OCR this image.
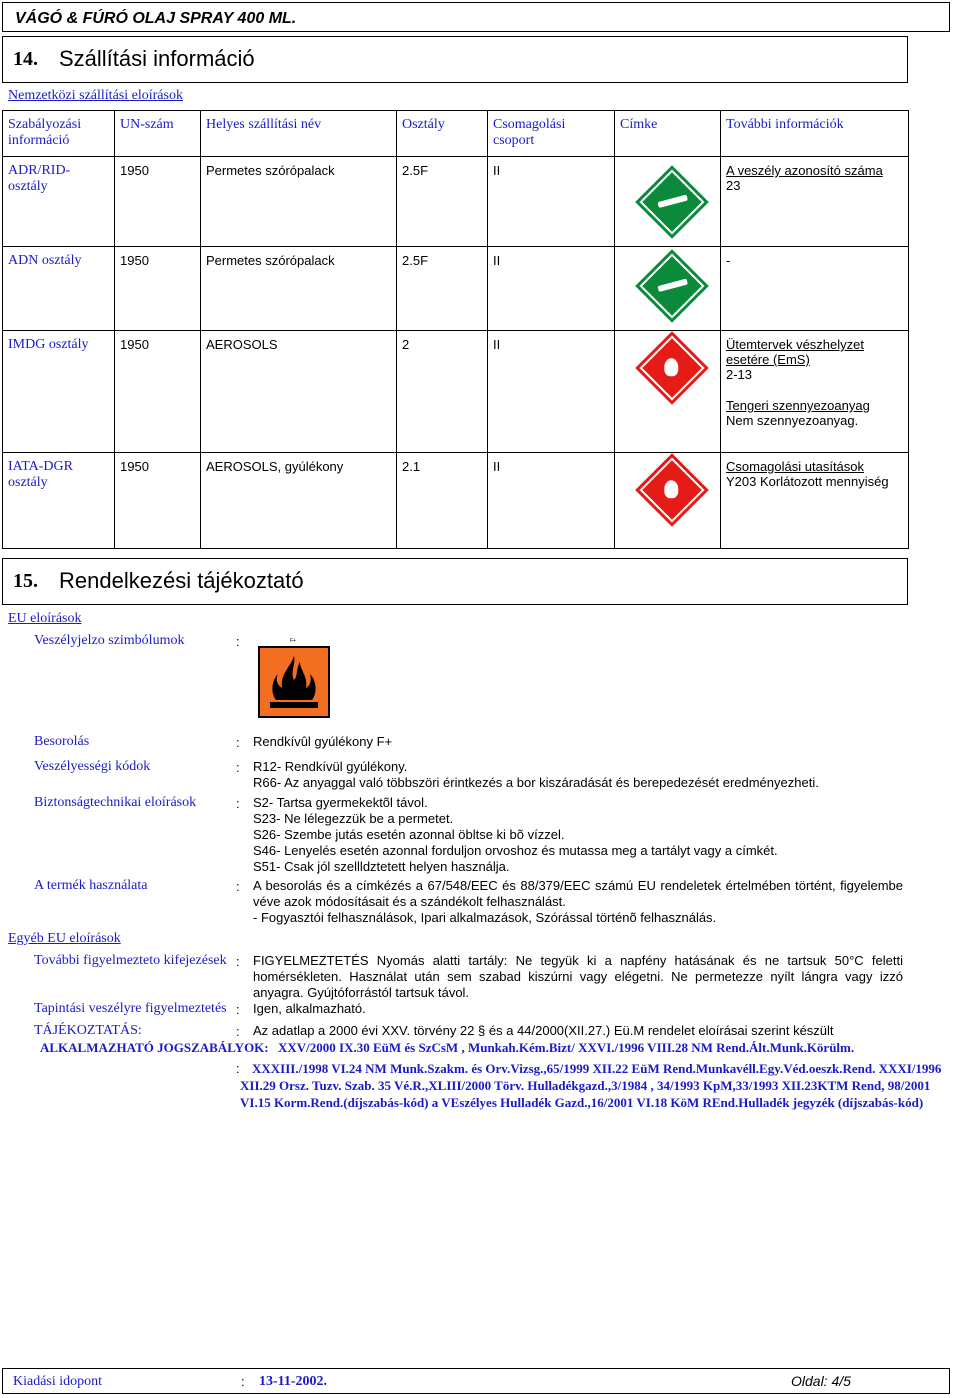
VÁGÓ & FÚRÓ OLAJ SPRAY 400 ML.
14. Szállítási információ
Nemzetközi szállítási eloírások
Szabályozási információ	UN-szám	Helyes szállítási név	Osztály	Csomagolási csoport	Címke	További információk
ADR/RID-osztály	1950	Permetes szórópalack	2.5F	II		A veszély azonosító száma
23

ADN osztály	1950	Permetes szórópalack	2.5F	II		-

IMDG osztály	1950	AEROSOLS	2	II		Ütemtervek vészhelyzet esetére (EmS)
2-13
Tengeri szennyezoanyag
Nem szennyezoanyag.

IATA-DGR osztály	1950	AEROSOLS, gyúlékony	2.1	II		Csomagolási utasítások
Y203 Korlátozott mennyiség
15. Rendelkezési tájékoztató
EU eloírások
Veszélyjelzo szimbólumok	:	F+
Besorolás	: Rendkívûl gyúlékony F+
Veszélyességi kódok	: R12- Rendkívül gyúlékony.
R66- Az anyaggal való többszöri érintkezés a bor kiszáradását és berepedezését eredményezheti.
Biztonságtechnikai eloírások	: S2- Tartsa gyermekektõl távol.
S23- Ne lélegezzük be a permetet.
S26- Szembe jutás esetén azonnal öbltse ki bõ vízzel.
S46- Lenyelés esetén azonnal forduljon orvoshoz és mutassa meg a tartályt vagy a címkét.
S51- Csak jól szellldztetett helyen használja.
A termék használata	: A besorolás és a címkézés a 67/548/EEC és 88/379/EEC számú EU rendeletek értelmében történt, figyelembe véve azok módosításait és a szándékolt felhasználást.
- Fogyasztói felhasználások, Ipari alkalmazások, Szórással történõ felhasználás.
Egyéb EU eloírások
További figyelmezteto kifejezések : FIGYELMEZTETÉS Nyomás alatti tartály: Ne tegyük ki a napfény hatásának és ne tartsuk 50°C feletti homérsékleten. Használat után sem szabad kiszúrni vagy elégetni. Ne permetezze nyílt lángra vagy izzó anyagra. Gyújtóforrástól tartsuk távol.
Tapintási veszélyre figyelmeztetés : Igen, alkalmazható.
TÁJÉKOZTATÁS:	: Az adatlap a 2000 évi XXV. törvény 22 § és a 44/2000(XII.27.) Eü.M rendelet eloírásai szerint készült
ALKALMAZHATÓ JOGSZABÁLYOK: XXV/2000 IX.30 EüM és SzCsM , Munkah.Kém.Bizt/ XXVI./1996 VIII.28 NM Rend.Ált.Munk.Körülm.
: XXXIII./1998 VI.24 NM Munk.Szakm. és Orv.Vizsg.,65/1999 XII.22 EüM Rend.Munkavéll.Egy.Véd.oeszk.Rend. XXXI/1996 XII.29 Orsz. Tuzv. Szab. 35 Vé.R.,XLIII/2000 Törv. Hulladékgazd.,3/1984 , 34/1993 KpM,33/1993 XII.23KTM Rend, 98/2001 VI.15 Korm.Rend.(díjszabás-kód) a VEszélyes Hulladék Gazd.,16/2001 VI.18 KöM REnd.Hulladék jegyzék (díjszabás-kód)
Kiadási idopont	: 13-11-2002.	Oldal: 4/5
